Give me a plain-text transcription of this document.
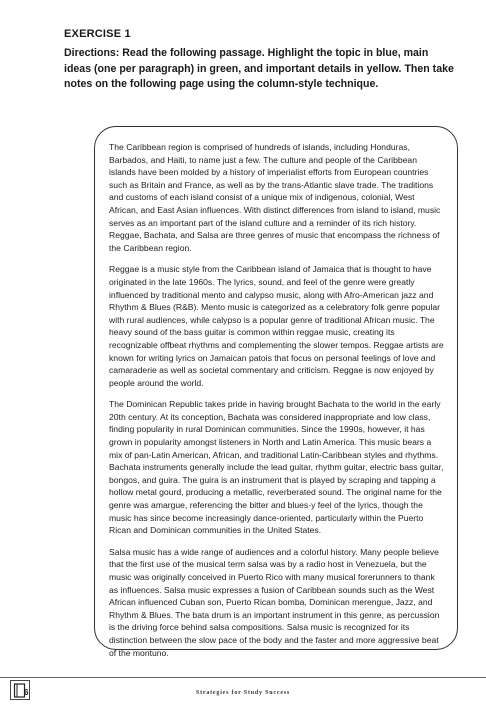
EXERCISE 1
Directions: Read the following passage. Highlight the topic in blue, main ideas (one per paragraph) in green, and important details in yellow. Then take notes on the following page using the column-style technique.

The Caribbean region is comprised of hundreds of islands, including Honduras, Barbados, and Haiti, to name just a few. The culture and people of the Caribbean islands have been molded by a history of imperialist efforts from European countries such as Britain and France, as well as by the trans-Atlantic slave trade. The traditions and customs of each island consist of a unique mix of indigenous, colonial, West African, and East Asian influences. With distinct differences from island to island, music serves as an important part of the island culture and a reminder of its rich history. Reggae, Bachata, and Salsa are three genres of music that encompass the richness of the Caribbean region.

Reggae is a music style from the Caribbean island of Jamaica that is thought to have originated in the late 1960s. The lyrics, sound, and feel of the genre were greatly influenced by traditional mento and calypso music, along with Afro-American jazz and Rhythm & Blues (R&B). Mento music is categorized as a celebratory folk genre popular with rural audiences, while calypso is a popular genre of traditional African music. The heavy sound of the bass guitar is common within reggae music, creating its recognizable offbeat rhythms and complementing the slower tempos. Reggae artists are known for writing lyrics on Jamaican patois that focus on personal feelings of love and camaraderie as well as societal commentary and criticism. Reggae is now enjoyed by people around the world.

The Dominican Republic takes pride in having brought Bachata to the world in the early 20th century. At its conception, Bachata was considered inappropriate and low class, finding popularity in rural Dominican communities. Since the 1990s, however, it has grown in popularity amongst listeners in North and Latin America. This music bears a mix of pan-Latin American, African, and traditional Latin-Caribbean styles and rhythms. Bachata instruments generally include the lead guitar, rhythm guitar, electric bass guitar, bongos, and guira. The guira is an instrument that is played by scraping and tapping a hollow metal gourd, producing a metallic, reverberated sound. The original name for the genre was amargue, referencing the bitter and blues-y feel of the lyrics, though the music has since become increasingly dance-oriented, particularly within the Puerto Rican and Dominican communities in the United States.

Salsa music has a wide range of audiences and a colorful history. Many people believe that the first use of the musical term salsa was by a radio host in Venezuela, but the music was originally conceived in Puerto Rico with many musical forerunners to thank as influences. Salsa music expresses a fusion of Caribbean sounds such as the West African influenced Cuban son, Puerto Rican bomba, Dominican merengue, Jazz, and Rhythm & Blues. The bata drum is an important instrument in this genre, as percussion is the driving force behind salsa compositions. Salsa music is recognized for its distinction between the slow pace of the body and the faster and more aggressive beat of the montuno.

6	Strategies for Study Success
